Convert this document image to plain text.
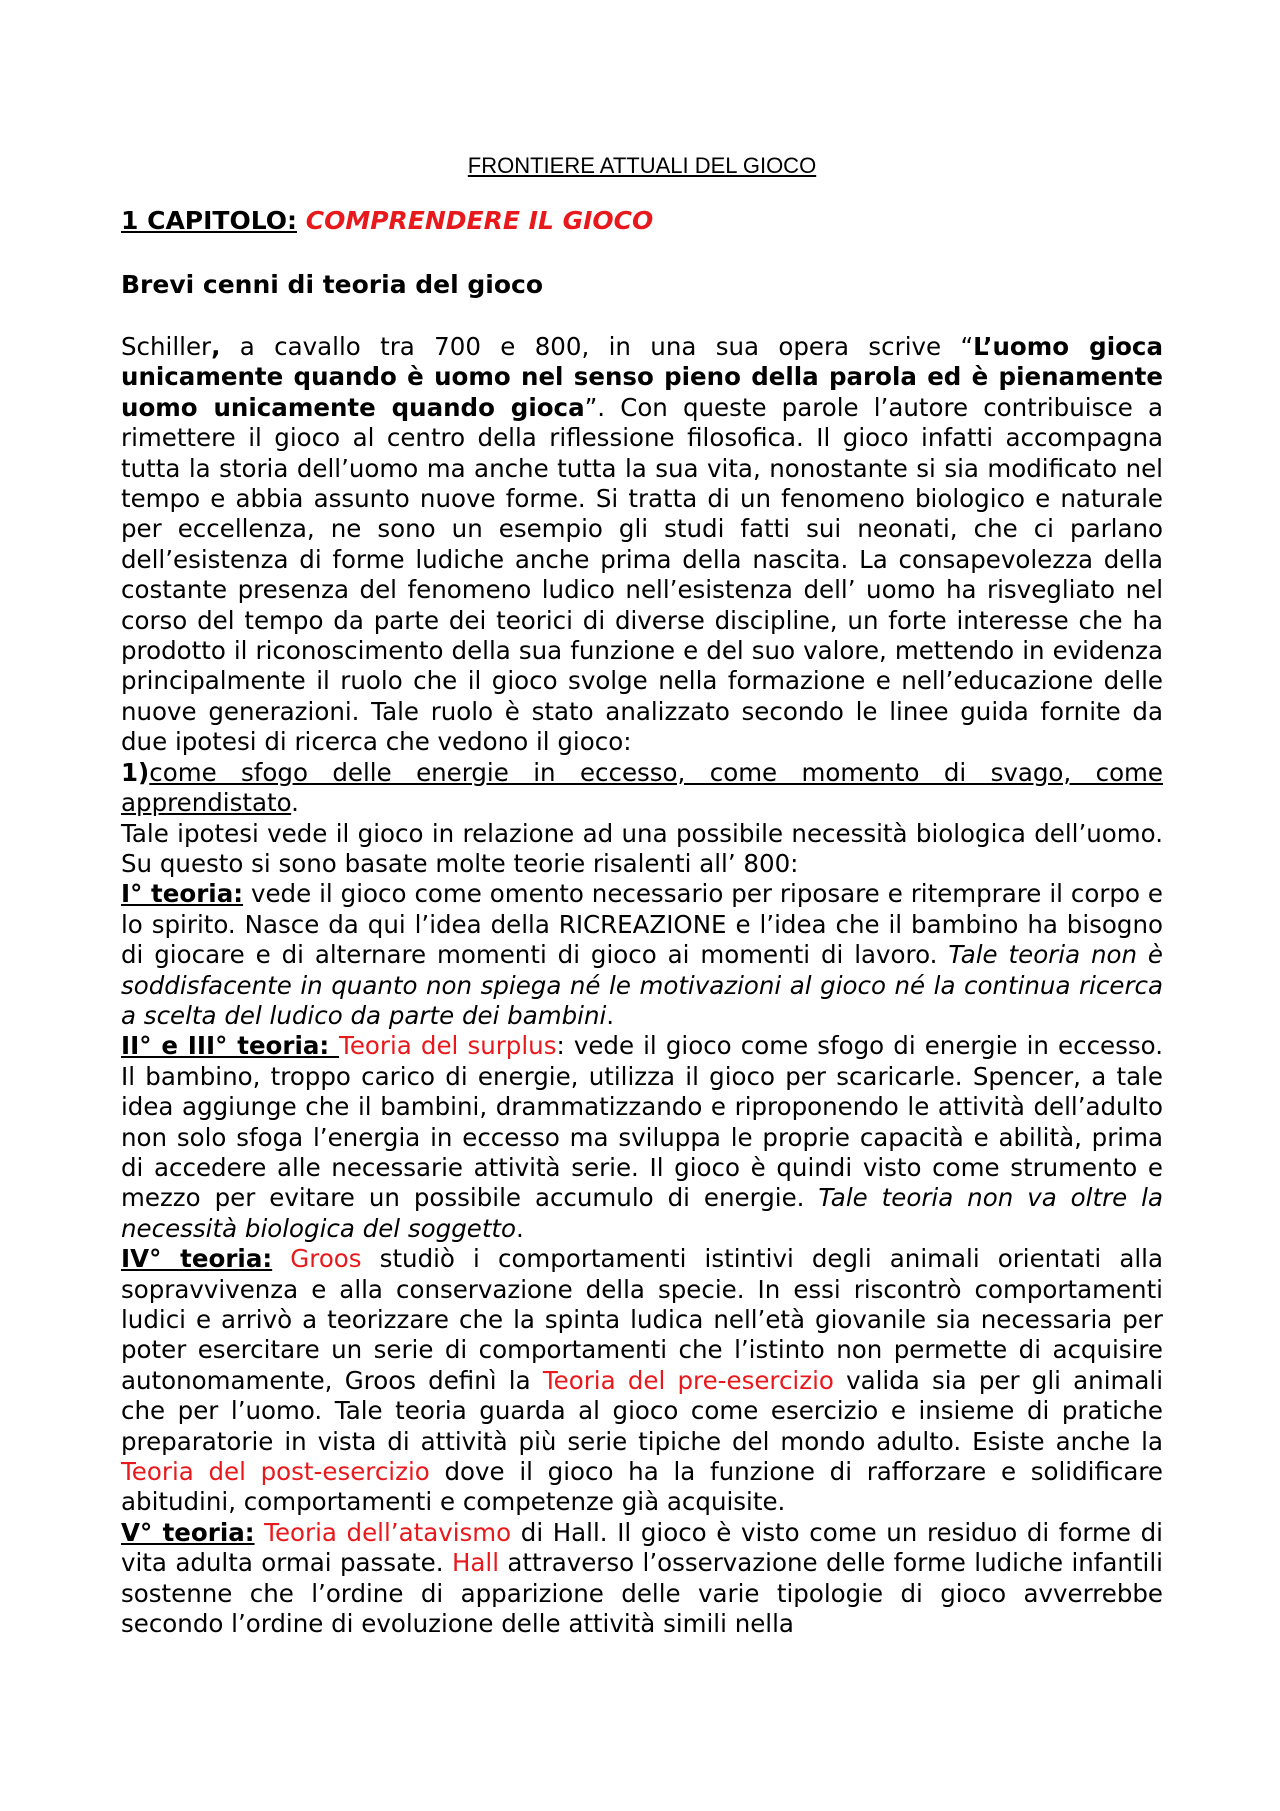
FRONTIERE ATTUALI DEL GIOCO
1 CAPITOLO: COMPRENDERE IL GIOCO
Brevi cenni di teoria del gioco

Schiller, a cavallo tra 700 e 800, in una sua opera scrive “L’uomo gioca unicamente quando è uomo nel senso pieno della parola ed è pienamente uomo unicamente quando gioca”. Con queste parole l’autore contribuisce a rimettere il gioco al centro della riflessione filosofica. Il gioco infatti accompagna tutta la storia dell’uomo ma anche tutta la sua vita, nonostante si sia modificato nel tempo e abbia assunto nuove forme. Si tratta di un fenomeno biologico e naturale per eccellenza, ne sono un esempio gli studi fatti sui neonati, che ci parlano dell’esistenza di forme ludiche anche prima della nascita. La consapevolezza della costante presenza del fenomeno ludico nell’esistenza dell’ uomo ha risvegliato nel corso del tempo da parte dei teorici di diverse discipline, un forte interesse che ha prodotto il riconoscimento della sua funzione e del suo valore, mettendo in evidenza principalmente il ruolo che il gioco svolge nella formazione e nell’educazione delle nuove generazioni. Tale ruolo è stato analizzato secondo le linee guida fornite da due ipotesi di ricerca che vedono il gioco:

1)come sfogo delle energie in eccesso, come momento di svago, come apprendistato.

Tale ipotesi vede il gioco in relazione ad una possibile necessità biologica dell’uomo. Su questo si sono basate molte teorie risalenti all’ 800:

I° teoria: vede il gioco come omento necessario per riposare e ritemprare il corpo e lo spirito. Nasce da qui l’idea della RICREAZIONE e l’idea che il bambino ha bisogno di giocare e di alternare momenti di gioco ai momenti di lavoro. Tale teoria non è soddisfacente in quanto non spiega né le motivazioni al gioco né la continua ricerca a scelta del ludico da parte dei bambini.

II° e III° teoria: Teoria del surplus: vede il gioco come sfogo di energie in eccesso. Il bambino, troppo carico di energie, utilizza il gioco per scaricarle. Spencer, a tale idea aggiunge che il bambini, drammatizzando e riproponendo le attività dell’adulto non solo sfoga l’energia in eccesso ma sviluppa le proprie capacità e abilità, prima di accedere alle necessarie attività serie. Il gioco è quindi visto come strumento e mezzo per evitare un possibile accumulo di energie. Tale teoria non va oltre la necessità biologica del soggetto.

IV° teoria: Groos studiò i comportamenti istintivi degli animali orientati alla sopravvivenza e alla conservazione della specie. In essi riscontrò comportamenti ludici e arrivò a teorizzare che la spinta ludica nell’età giovanile sia necessaria per poter esercitare un serie di comportamenti che l’istinto non permette di acquisire autonomamente, Groos definì la Teoria del pre-esercizio valida sia per gli animali che per l’uomo. Tale teoria guarda al gioco come esercizio e insieme di pratiche preparatorie in vista di attività più serie tipiche del mondo adulto. Esiste anche la Teoria del post-esercizio dove il gioco ha la funzione di rafforzare e solidificare abitudini, comportamenti e competenze già acquisite.

V° teoria: Teoria dell’atavismo di Hall. Il gioco è visto come un residuo di forme di vita adulta ormai passate. Hall attraverso l’osservazione delle forme ludiche infantili sostenne che l’ordine di apparizione delle varie tipologie di gioco avverrebbe secondo l’ordine di evoluzione delle attività simili nella
